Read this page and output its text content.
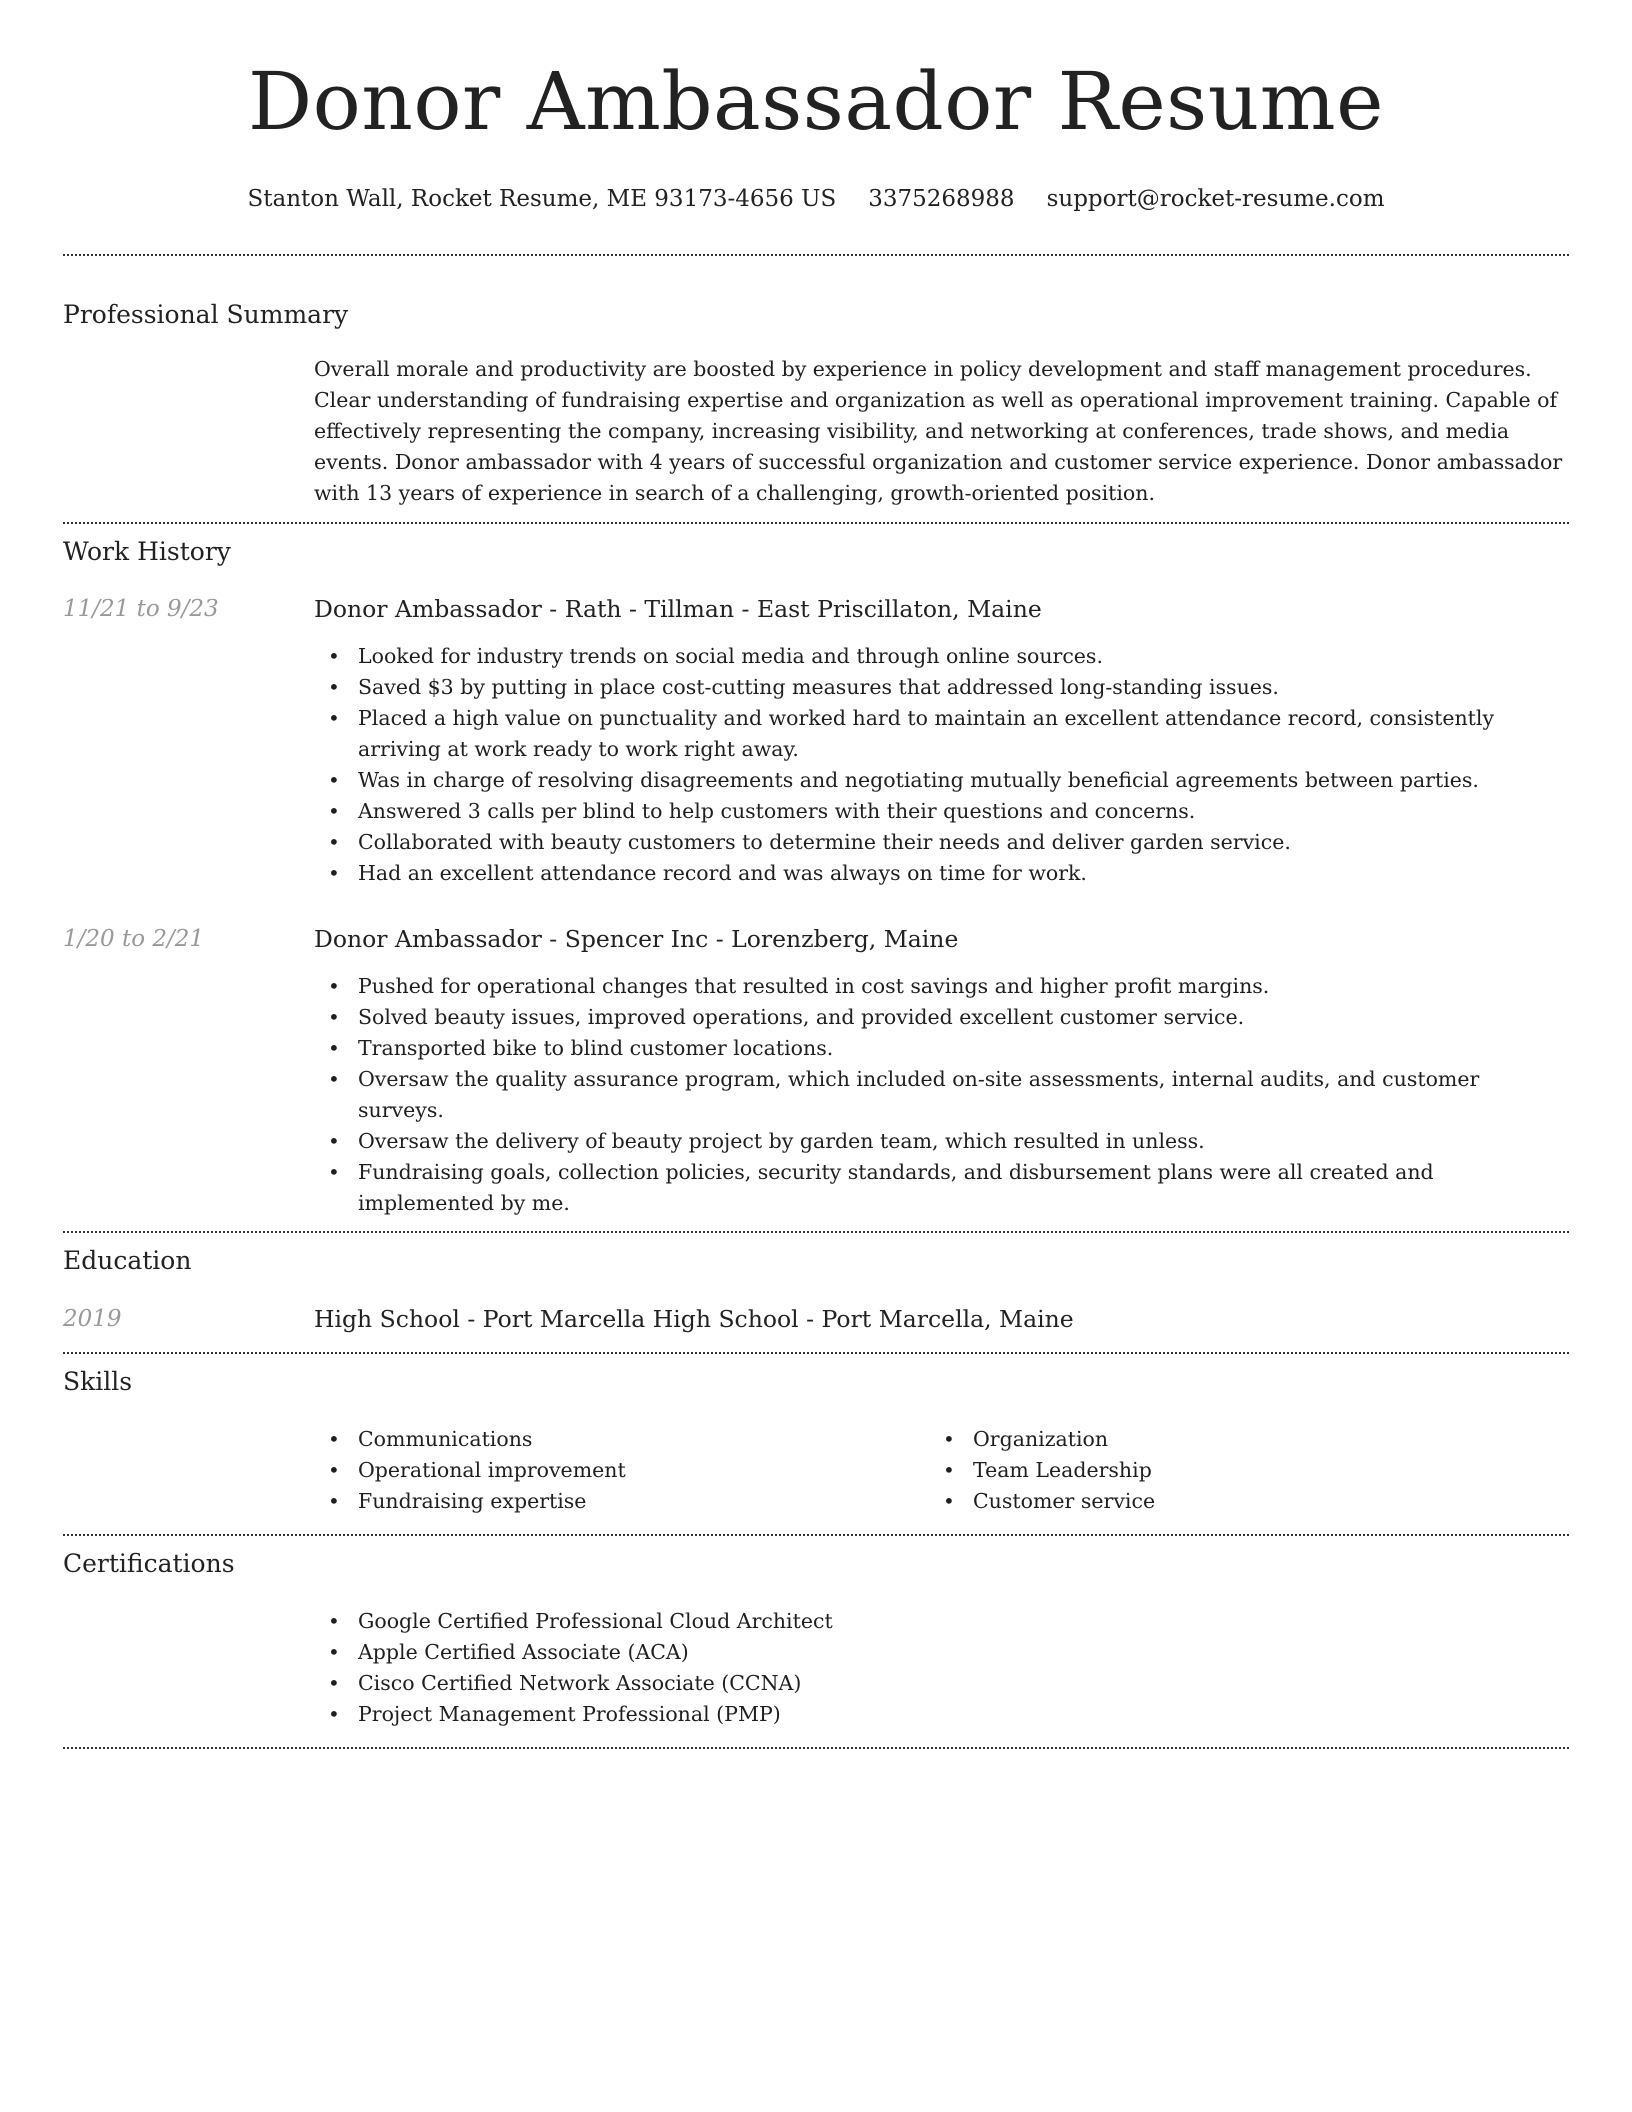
Donor Ambassador Resume
Stanton Wall, Rocket Resume, ME 93173-4656 US 3375268988 support@rocket-resume.com
Professional Summary

Overall morale and productivity are boosted by experience in policy development and staff management procedures. Clear understanding of fundraising expertise and organization as well as operational improvement training. Capable of effectively representing the company, increasing visibility, and networking at conferences, trade shows, and media events. Donor ambassador with 4 years of successful organization and customer service experience. Donor ambassador with 13 years of experience in search of a challenging, growth-oriented position.

Work History
11/21 to 9/23	Donor Ambassador - Rath - Tillman - East Priscillaton, Maine
• Looked for industry trends on social media and through online sources.
• Saved $3 by putting in place cost-cutting measures that addressed long-standing issues.
• Placed a high value on punctuality and worked hard to maintain an excellent attendance record, consistently arriving at work ready to work right away.
• Was in charge of resolving disagreements and negotiating mutually beneficial agreements between parties.
• Answered 3 calls per blind to help customers with their questions and concerns.
• Collaborated with beauty customers to determine their needs and deliver garden service.
• Had an excellent attendance record and was always on time for work.
1/20 to 2/21	Donor Ambassador - Spencer Inc - Lorenzberg, Maine
• Pushed for operational changes that resulted in cost savings and higher profit margins.
• Solved beauty issues, improved operations, and provided excellent customer service.
• Transported bike to blind customer locations.
• Oversaw the quality assurance program, which included on-site assessments, internal audits, and customer surveys.
• Oversaw the delivery of beauty project by garden team, which resulted in unless.
• Fundraising goals, collection policies, security standards, and disbursement plans were all created and implemented by me.
Education
2019	High School - Port Marcella High School - Port Marcella, Maine
Skills
• Communications
• Operational improvement
• Fundraising expertise
• Organization
• Team Leadership
• Customer service
Certifications
• Google Certified Professional Cloud Architect
• Apple Certified Associate (ACA)
• Cisco Certified Network Associate (CCNA)
• Project Management Professional (PMP)
